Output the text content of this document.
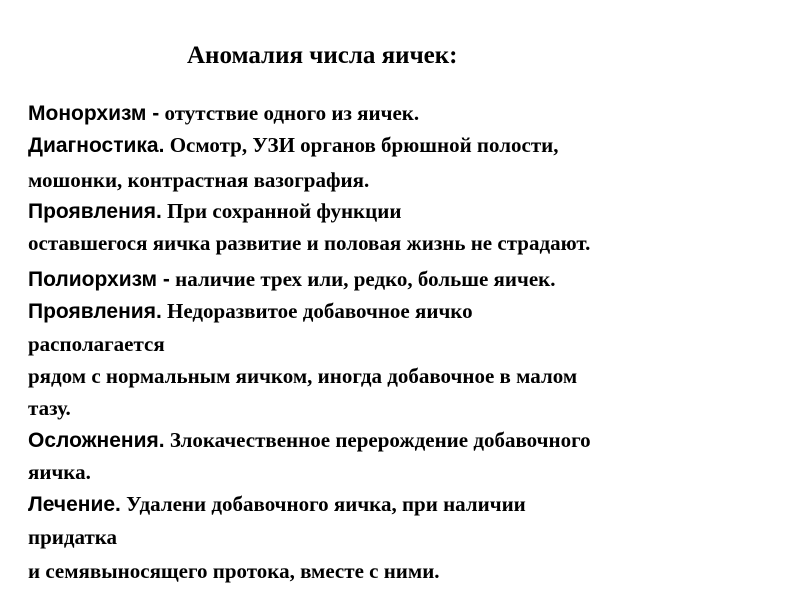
Аномалия числа яичек:
Монорхизм - отутствие одного из яичек.
Диагностика. Осмотр, УЗИ органов брюшной полости,
мошонки, контрастная вазография.
Проявления. При сохранной функции
оставшегося яичка развитие и половая жизнь не страдают.
Полиорхизм - наличие трех или, редко, больше яичек.
Проявления. Недоразвитое добавочное яичко
располагается
рядом с нормальным яичком, иногда добавочное в малом
тазу.
Осложнения. Злокачественное перерождение добавочного
яичка.
Лечение. Удалени добавочного яичка, при наличии
придатка
и семявыносящего протока, вместе с ними.
